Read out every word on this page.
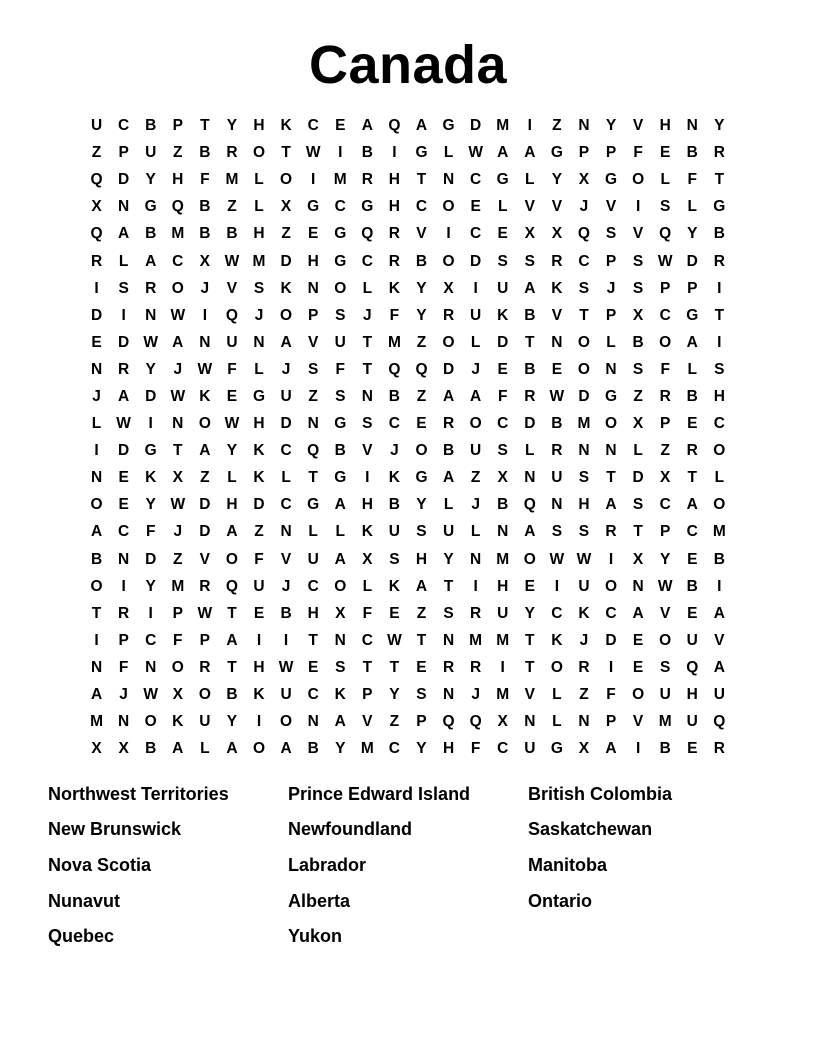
Canada
U	C	B	P	T	Y	H	K	C	E	A Q A G D M	I	Z	N	Y	V	H	N	Y
Z	P	U	Z	B	R O	T W	I	B	I	G	L W A	A G	P	P	F	E	B	R
Q D	Y	H	F	M	L	O	I	M R	H	T	N	C G	L	Y	X	G O	L	F	T
X	N G Q B	Z	L	X	G C G H	C O	E	L	V	V	J	V	I	S	L	G
Q A	B M B	B	H	Z	E	G Q R	V	I	C	E	X	X	Q	S	V	Q	Y	B
R	L	A	C	X W M D	H G C	R	B O D	S	S	R	C	P	S W D	R
I	S	R O	J	V	S	K	N O	L	K	Y	X	I	U	A	K	S	J	S	P	P	I
D	I	N W	I	Q	J	O	P	S	J	F	Y	R	U	K	B	V	T	P	X	C G	T
E	D W A	N	U	N	A	V	U	T	M	Z	O	L	D	T	N O	L	B O A	I
N	R	Y	J W F	L	J	S	F	T	Q Q D	J	E	B	E	O N	S	F	L	S
J	A	D W K	E	G U	Z	S	N	B	Z	A	A	F	R W D G	Z	R	B	H
L W	I	N O W H	D	N G	S	C	E	R O C	D	B M O	X	P	E	C
I	D G	T	A	Y	K	C Q B	V	J	O B	U	S	L	R	N	N	L	Z	R O
N	E	K	X	Z	L	K	L	T	G	I	K G A	Z	X	N	U	S	T	D	X	T	L
O	E	Y W D	H	D	C G A	H	B	Y	L	J	B Q N	H	A	S	C	A O
A	C	F	J	D	A	Z	N	L	L	K	U	S	U	L	N	A	S	S	R	T	P	C M
B	N	D	Z	V	O	F	V	U	A	X	S	H	Y	N M O W W	I	X	Y	E	B
O	I	Y M R Q U	J	C O	L	K	A	T	I	H	E	I	U O N W B	I
T	R	I	P W T	E	B	H	X	F	E	Z	S	R	U	Y	C	K	C	A	V	E	A
I	P	C	F	P	A	I	I	T	N	C W T	N M M	T	K	J	D	E	O U	V
N	F	N O R	T	H W E	S	T	T	E	R	R	I	T	O R	I	E	S	Q A
A	J W X	O B	K	U	C	K	P	Y	S	N	J	M V	L	Z	F	O U	H	U
M N O K	U	Y	I	O N	A	V	Z	P	Q Q	X	N	L	N	P	V M U Q
X	X	B	A	L	A O A	B	Y M C	Y	H	F	C	U G	X	A	I	B	E	R
Northwest Territories	Prince Edward Island	British Colombia
New Brunswick	Newfoundland	Saskatchewan
Nova Scotia	Labrador	Manitoba
Nunavut	Alberta	Ontario
Quebec	Yukon
